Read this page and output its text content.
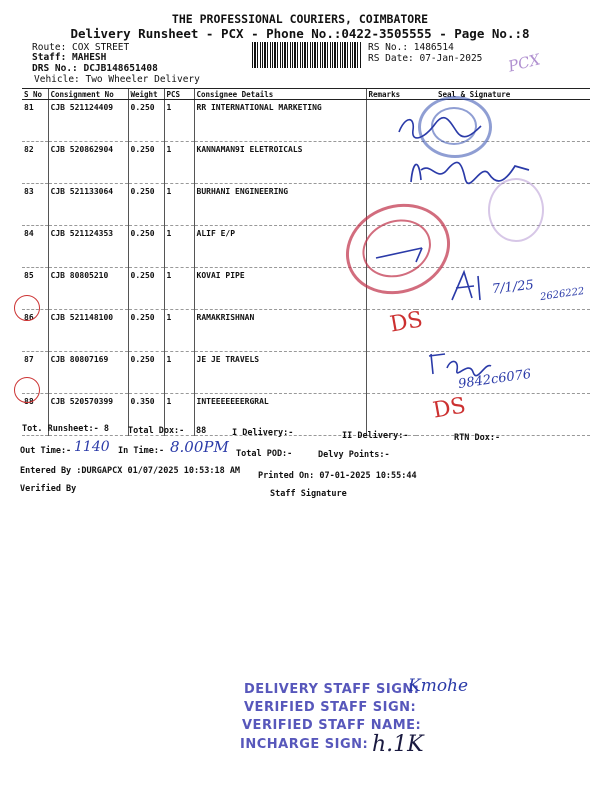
THE PROFESSIONAL COURIERS, COIMBATORE
Delivery Runsheet - PCX - Phone No.:0422-3505555 - Page No.:8
Route: COX STREET
Staff: MAHESH
DRS No.: DCJB148651408
Vehicle: Two Wheeler Delivery
RS No.: 1486514
RS Date: 07-Jan-2025
S No	Consignment No	Weight	PCS	Consignee Details	Remarks	Seal & Signature
81	CJB 521124409	0.250	1	RR INTERNATIONAL MARKETING		
82	CJB 520862904	0.250	1	KANNAMAN9I ELETROICALS		
83	CJB 521133064	0.250	1	BURHANI ENGINEERING		
84	CJB 521124353	0.250	1	ALIF E/P		
85	CJB 80805210	0.250	1	KOVAI PIPE		
86	CJB 521148100	0.250	1	RAMAKRISHNAN		
87	CJB 80807169	0.250	1	JE JE TRAVELS		
88	CJB 520570399	0.350	1	INTEEEEEEERGRAL		
PCX
7/1/25 2626222
9842c6076
DS
DS
Tot. Runsheet:- 8 Total Dox:- 88	I Delivery:-	II Delivery:-	RTN Dox:-
Out Time:- 1140 In Time:- 8.00PM Total POD:-	Delvy Points:-
Entered By :DURGAPCX 01/07/2025 10:53:18 AM Printed On: 07-01-2025 10:55:44
Verified By	Staff Signature
DELIVERY STAFF SIGN:
VERIFIED STAFF SIGN:
VERIFIED STAFF NAME:
INCHARGE SIGN:
Kmohe
h.1K
